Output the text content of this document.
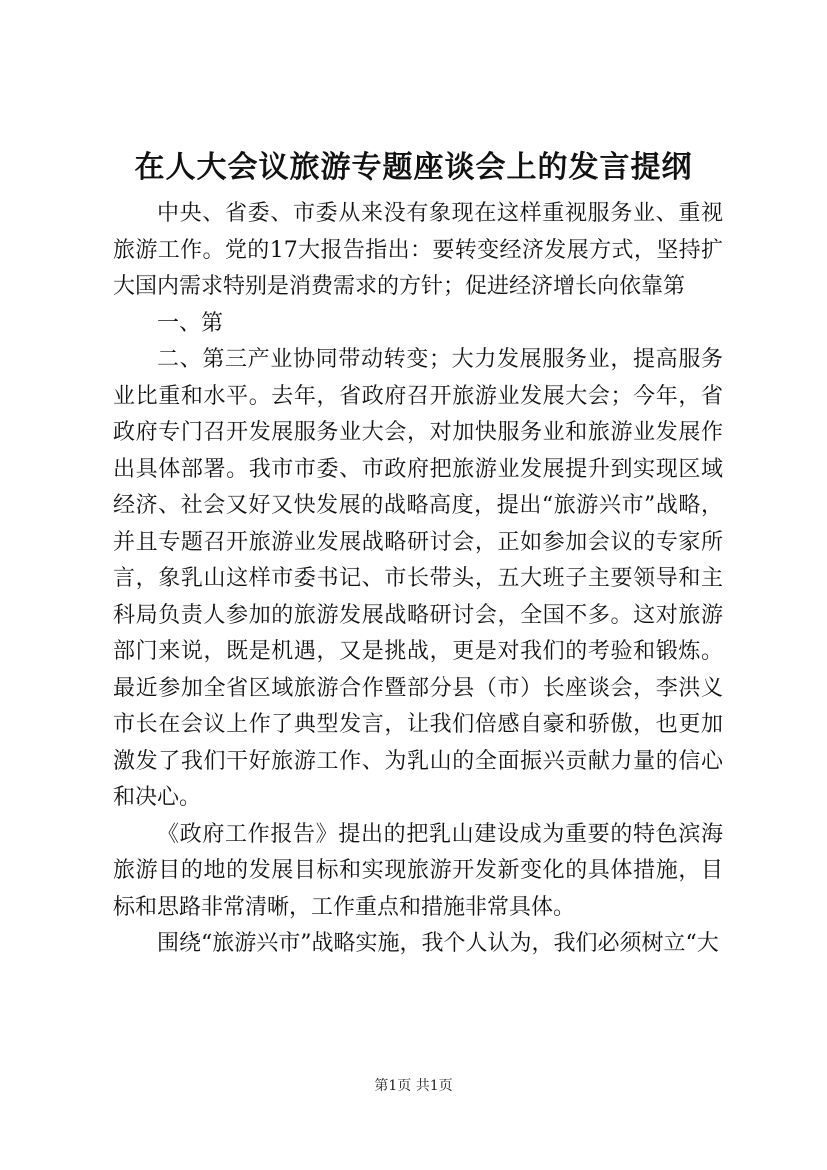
在人大会议旅游专题座谈会上的发言提纲

中央、省委、市委从来没有象现在这样重视服务业、重视旅游工作。党的17大报告指出：要转变经济发展方式，坚持扩大国内需求特别是消费需求的方针；促进经济增长向依靠第

一、第

二、第三产业协同带动转变；大力发展服务业，提高服务业比重和水平。去年，省政府召开旅游业发展大会；今年，省政府专门召开发展服务业大会，对加快服务业和旅游业发展作出具体部署。我市市委、市政府把旅游业发展提升到实现区域经济、社会又好又快发展的战略高度，提出“旅游兴市”战略，并且专题召开旅游业发展战略研讨会，正如参加会议的专家所言，象乳山这样市委书记、市长带头，五大班子主要领导和主科局负责人参加的旅游发展战略研讨会，全国不多。这对旅游部门来说，既是机遇，又是挑战，更是对我们的考验和锻炼。最近参加全省区域旅游合作暨部分县（市）长座谈会，李洪义市长在会议上作了典型发言，让我们倍感自豪和骄傲，也更加激发了我们干好旅游工作、为乳山的全面振兴贡献力量的信心和决心。

《政府工作报告》提出的把乳山建设成为重要的特色滨海旅游目的地的发展目标和实现旅游开发新变化的具体措施，目标和思路非常清晰，工作重点和措施非常具体。

围绕“旅游兴市”战略实施，我个人认为，我们必须树立“大

第1页 共1页
